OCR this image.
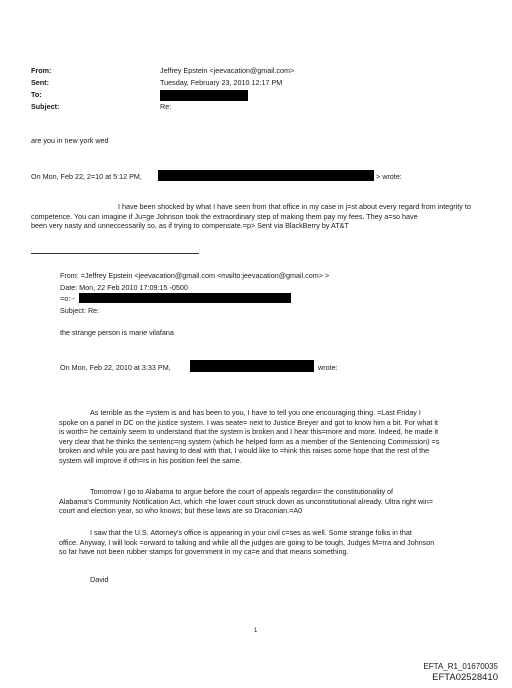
From:
Sent:
To:
Subject:
Jeffrey Epstein <jeevacation@gmail.com>
Tuesday, February 23, 2010 12:17 PM
Re:
are you in new york wed
On Mon, Feb 22, 2=10 at 5:12 PM,	> wrote:
I have been shocked by what I have seen from that office in my case in j=st about every regard from integrity to
competence. You can imagine if Ju=ge Johnson took the extraordinary step of making them pay my fees. They a=so have
been very nasty and unneccessarily so, as if trying to compensate.=p> Sent via BlackBerry by AT&T
From: =Jeffrey Epstein <jeevacation@gmail.com <mailto:jeevacation@gmail.com> >
Date: Mon, 22 Feb 2010 17:09:15 -0500
=o: -
Subject: Re:
the strange person is marie vilafana
On Mon, Feb 22, 2010 at 3:33 PM,	wrote:
As terrible as the =ystem is and has been to you, I have to tell you one encouraging thing. =Last Friday I
spoke on a panel in DC on the justice system. I was seate= next to Justice Breyer and got to know him a bit. For what it
is worth= he certainly seem to understand that the system is broken and I hear this=more and more. Indeed, he made it
very clear that he thinks the sentenc=ng system (which he helped form as a member of the Sentencing Commission) =s
broken and while you are past having to deal with that, I would like to =hink this raises some hope that the rest of the
system will improve if oth=rs in his position feel the same.
Tomorrow I go to Alabama to argue before the court of appeals regardin= the constitutionality of
Alabama's Community Notification Act, which =he lower court struck down as unconstitutional already. Ultra right win=
court and election year, so who knows; but these laws are so Draconian.=A0
I saw that the U.S. Attorney's office is appearing in your civil c=ses as well. Some strange folks in that
office. Anyway, I will look =orward to talking and while all the judges are going to be tough, Judges M=rra and Johnson
so far have not been rubber stamps for government in my ca=e and that means something.
David
1
EFTA_R1_01670035
EFTA02528410
